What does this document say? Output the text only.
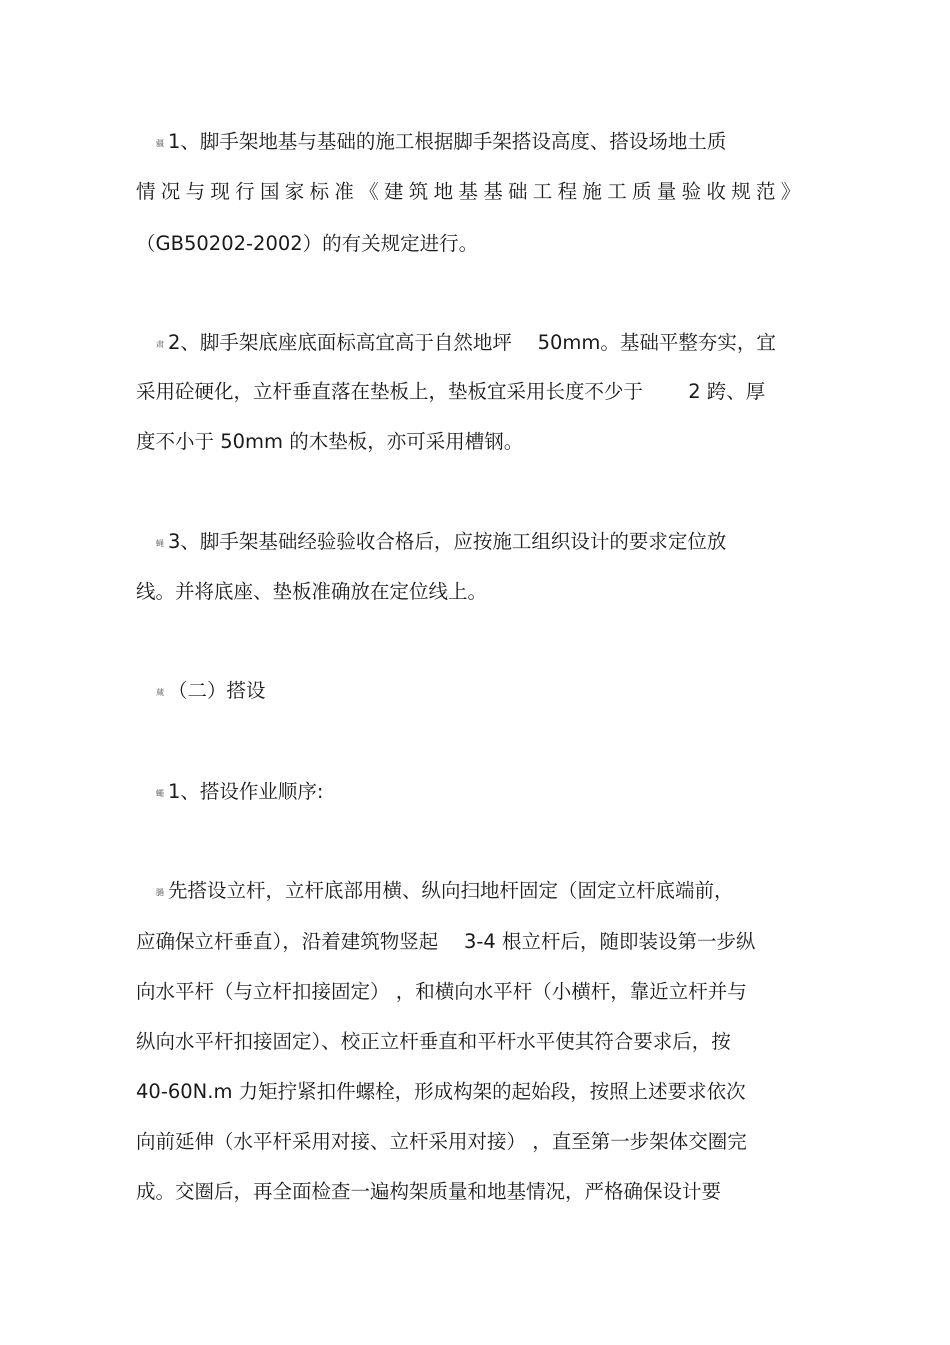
疆 1、脚手架地基与基础的施工根据脚手架搭设高度、搭设场地土质
情况与现行国家标准《建筑地基基础工程施工质量验收规范》
（GB50202-2002）的有关规定进行。
肃 2、脚手架底座底面标高宜高于自然地坪 　50mm。基础平整夯实，宜
采用砼硬化，立杆垂直落在垫板上，垫板宜采用长度不少于 　　2 跨、厚
度不小于 50mm 的木垫板，亦可采用槽钢。
蝇 3、脚手架基础经验验收合格后，应按施工组织设计的要求定位放
线。并将底座、垫板准确放在定位线上。
蒇 （二）搭设
蠅 1、搭设作业顺序:
膼 先搭设立杆，立杆底部用横、纵向扫地杆固定（固定立杆底端前，
应确保立杆垂直），沿着建筑物竖起 　3-4 根立杆后，随即装设第一步纵
向水平杆（与立杆扣接固定） ，和横向水平杆（小横杆，靠近立杆并与
纵向水平杆扣接固定）、校正立杆垂直和平杆水平使其符合要求后，按
40-60N.m 力矩拧紧扣件螺栓，形成构架的起始段，按照上述要求依次
向前延伸（水平杆采用对接、立杆采用对接） ，直至第一步架体交圈完
成。交圈后，再全面检查一遍构架质量和地基情况，严格确保设计要
